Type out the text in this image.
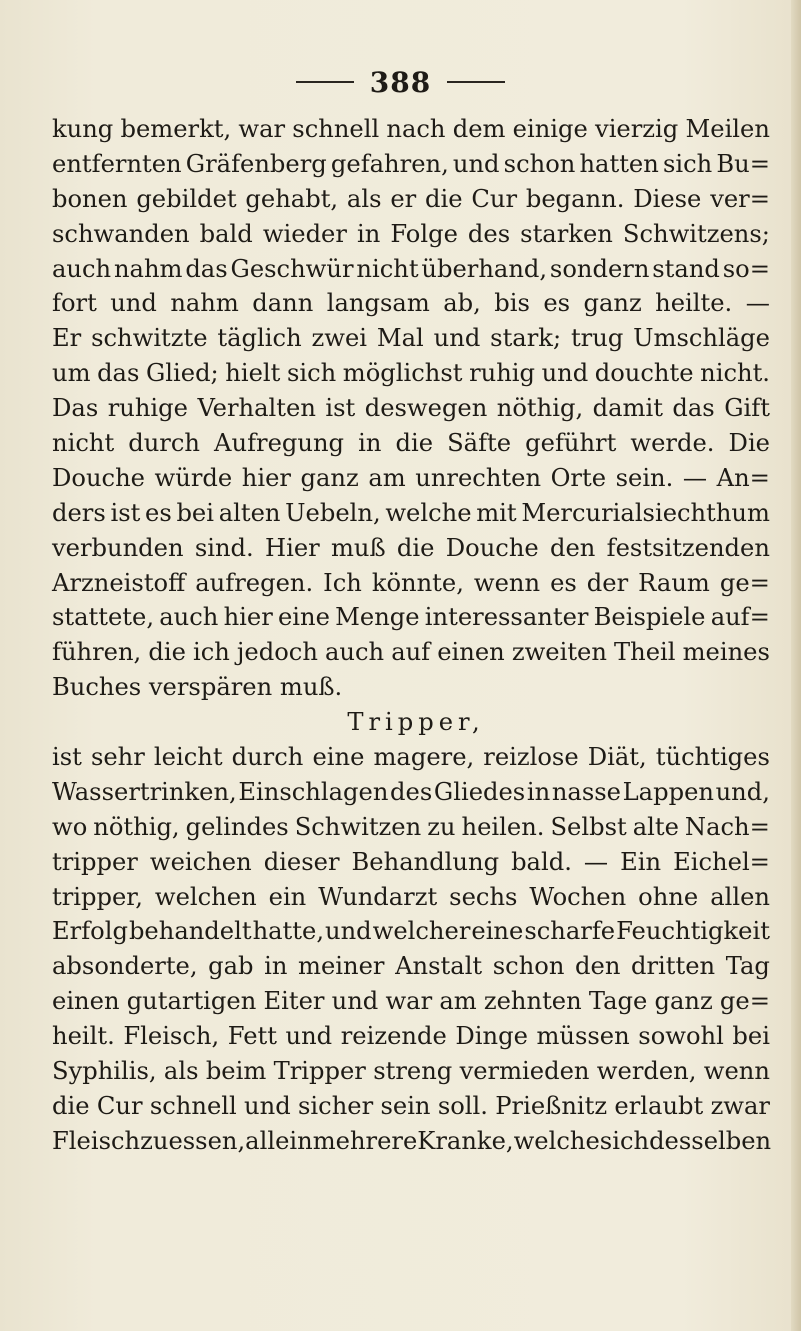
388
kung bemerkt, war schnell nach dem einige vierzig Meilen
entfernten Gräfenberg gefahren, und schon hatten sich Bu=
bonen gebildet gehabt, als er die Cur begann. Diese ver=
schwanden bald wieder in Folge des starken Schwitzens;
auch nahm das Geschwür nicht überhand, sondern stand so=
fort und nahm dann langsam ab, bis es ganz heilte. —
Er schwitzte täglich zwei Mal und stark; trug Umschläge
um das Glied; hielt sich möglichst ruhig und douchte nicht.
Das ruhige Verhalten ist deswegen nöthig, damit das Gift
nicht durch Aufregung in die Säfte geführt werde. Die
Douche würde hier ganz am unrechten Orte sein. — An=
ders ist es bei alten Uebeln, welche mit Mercurialsiechthum
verbunden sind. Hier muß die Douche den festsitzenden
Arzneistoff aufregen. Ich könnte, wenn es der Raum ge=
stattete, auch hier eine Menge interessanter Beispiele auf=
führen, die ich jedoch auch auf einen zweiten Theil meines
Buches verspären muß.
Tripper,
ist sehr leicht durch eine magere, reizlose Diät, tüchtiges
Wassertrinken, Einschlagen des Gliedes in nasse Lappen und,
wo nöthig, gelindes Schwitzen zu heilen. Selbst alte Nach=
tripper weichen dieser Behandlung bald. — Ein Eichel=
tripper, welchen ein Wundarzt sechs Wochen ohne allen
Erfolg behandelt hatte, und welcher eine scharfe Feuchtigkeit
absonderte, gab in meiner Anstalt schon den dritten Tag
einen gutartigen Eiter und war am zehnten Tage ganz ge=
heilt. Fleisch, Fett und reizende Dinge müssen sowohl bei
Syphilis, als beim Tripper streng vermieden werden, wenn
die Cur schnell und sicher sein soll. Prießnitz erlaubt zwar
Fleisch zu essen, allein mehrere Kranke, welche sich desselben
